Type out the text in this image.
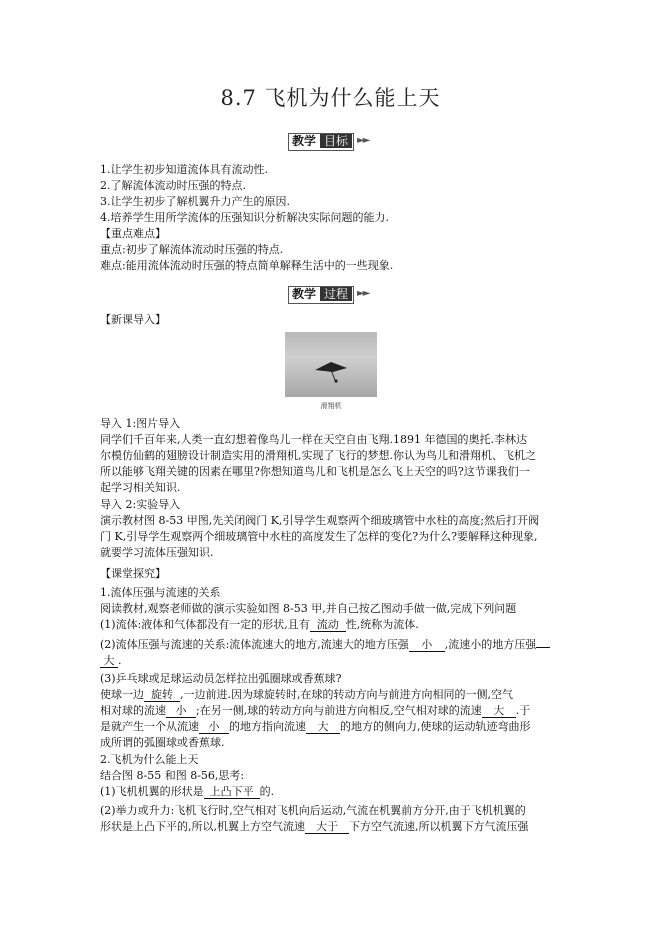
8.7 飞机为什么能上天
教学 目标 ►►
1.让学生初步知道流体具有流动性.
2.了解流体流动时压强的特点.
3.让学生初步了解机翼升力产生的原因.
4.培养学生用所学流体的压强知识分析解决实际问题的能力.
【重点难点】
重点:初步了解流体流动时压强的特点.
难点:能用流体流动时压强的特点简单解释生活中的一些现象.
教学 过程 ►►
【新课导入】
滑翔机
导入 1:图片导入
同学们千百年来,人类一直幻想着像鸟儿一样在天空自由飞翔.1891 年德国的奥托.李林达
尔模仿仙鹤的翅膀设计制造实用的滑翔机,实现了飞行的梦想.你认为鸟儿和滑翔机、飞机之
所以能够飞翔关键的因素在哪里?你想知道鸟儿和飞机是怎么飞上天空的吗?这节课我们一
起学习相关知识.
导入 2:实验导入
演示教材图 8-53 甲图,先关闭阀门 K,引导学生观察两个细玻璃管中水柱的高度;然后打开阀
门 K,引导学生观察两个细玻璃管中水柱的高度发生了怎样的变化?为什么?要解释这种现象,
就要学习流体压强知识.
【课堂探究】
1.流体压强与流速的关系
阅读教材,观察老师做的演示实验如图 8-53 甲,并自己按乙图动手做一做,完成下列问题
(1)流体:液体和气体都没有一定的形状,且有 流动 性,统称为流体.
(2)流体压强与流速的关系:流体流速大的地方,流速大的地方压强 小 ,流速小的地方压强
大 .
(3)乒乓球或足球运动员怎样拉出弧圈球或香蕉球?
使球一边 旋转 ,一边前进.因为球旋转时,在球的转动方向与前进方向相同的一侧,空气
相对球的流速 小 ;在另一侧,球的转动方向与前进方向相反,空气相对球的流速 大 .于
是就产生一个从流速 小 的地方指向流速 大 的地方的侧向力,使球的运动轨迹弯曲形
成所谓的弧圈球或香蕉球.
2.飞机为什么能上天
结合图 8-55 和图 8-56,思考:
(1)飞机机翼的形状是 上凸下平 的.
(2)举力或升力:飞机飞行时,空气相对飞机向后运动,气流在机翼前方分开,由于飞机机翼的
形状是上凸下平的,所以,机翼上方空气流速 大于 下方空气流速,所以机翼下方气流压强
